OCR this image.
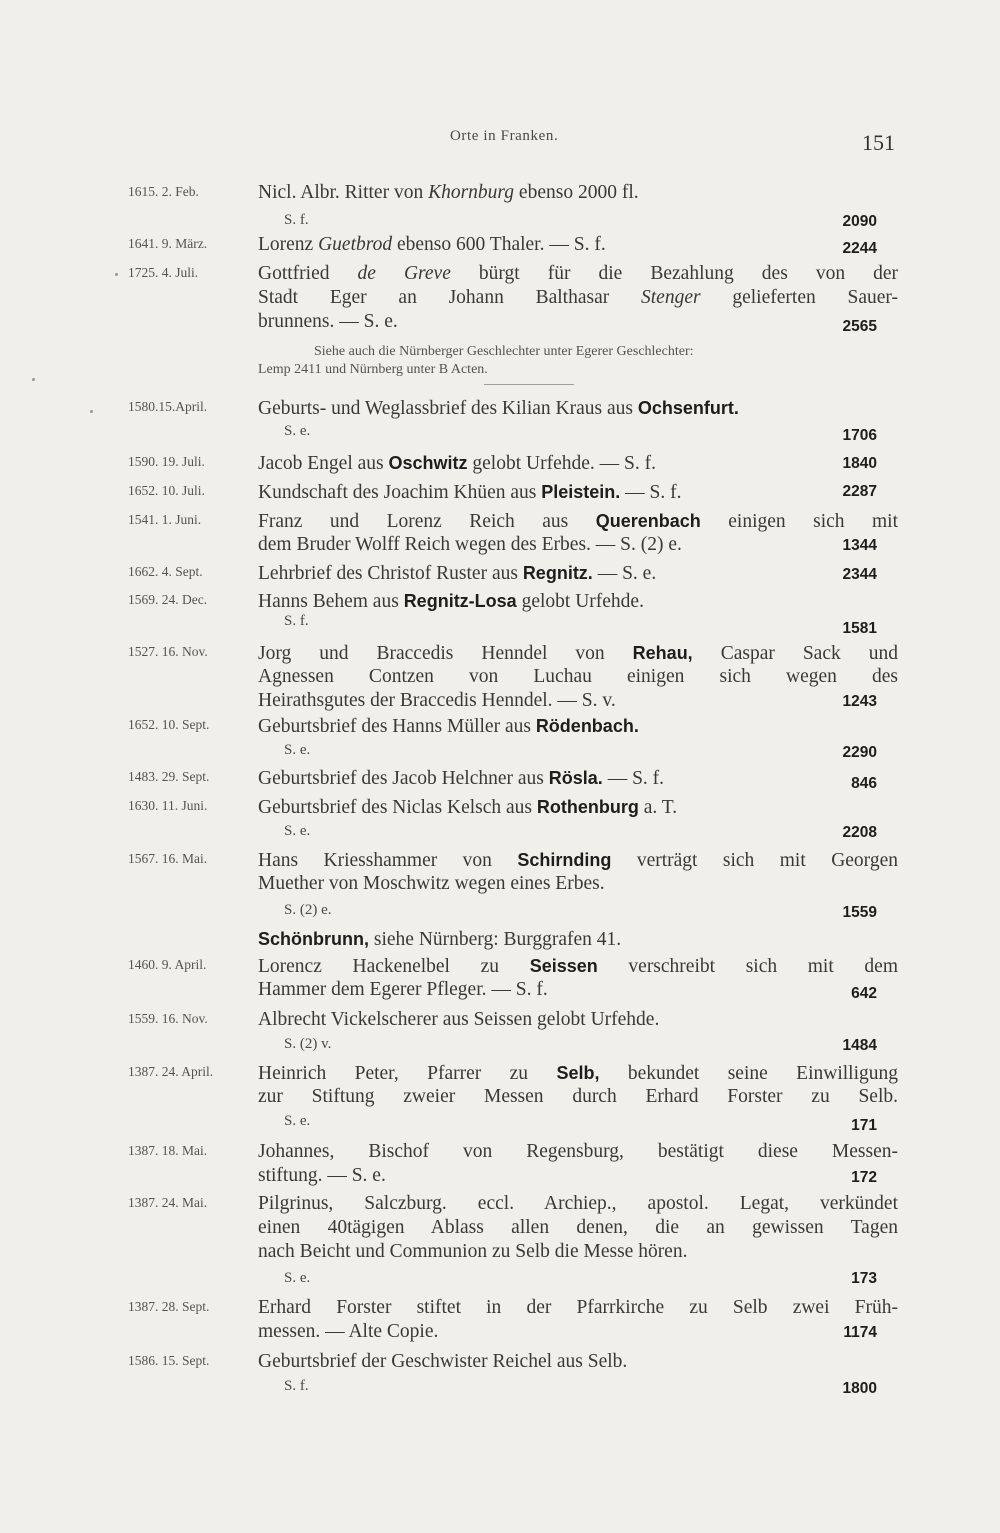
Orte in Franken.	151
1615. 2. Feb.	Nicl. Albr. Ritter von Khornburg ebenso 2000 fl.
S. f.	2090
1641. 9. März.	Lorenz Guetbrod ebenso 600 Thaler. — S. f.	2244
1725. 4. Juli.	Gottfried de Greve bürgt für die Bezahlung des von der
Stadt Eger an Johann Balthasar Stenger gelieferten Sauer-
brunnens. — S. e.	2565
Siehe auch die Nürnberger Geschlechter unter Egerer Geschlechter:
Lemp 2411 und Nürnberg unter B Acten.
1580.15.April.	Geburts- und Weglassbrief des Kilian Kraus aus Ochsenfurt.
S. e.	1706
1590. 19. Juli.	Jacob Engel aus Oschwitz gelobt Urfehde. — S. f.	1840
1652. 10. Juli.	Kundschaft des Joachim Khüen aus Pleistein. — S. f.	2287
1541. 1. Juni.	Franz und Lorenz Reich aus Querenbach einigen sich mit
dem Bruder Wolff Reich wegen des Erbes. — S. (2) e.	1344
1662. 4. Sept.	Lehrbrief des Christof Ruster aus Regnitz. — S. e.	2344
1569. 24. Dec.	Hanns Behem aus Regnitz-Losa gelobt Urfehde.
S. f.	1581
1527. 16. Nov.	Jorg und Braccedis Henndel von Rehau, Caspar Sack und
Agnessen Contzen von Luchau einigen sich wegen des
Heirathsgutes der Braccedis Henndel. — S. v.	1243
1652. 10. Sept.	Geburtsbrief des Hanns Müller aus Rödenbach.
S. e.	2290
1483. 29. Sept.	Geburtsbrief des Jacob Helchner aus Rösla. — S. f.	846
1630. 11. Juni.	Geburtsbrief des Niclas Kelsch aus Rothenburg a. T.
S. e.	2208
1567. 16. Mai.	Hans Kriesshammer von Schirnding verträgt sich mit Georgen
Muether von Moschwitz wegen eines Erbes.
S. (2) e.	1559
Schönbrunn, siehe Nürnberg: Burggrafen 41.
1460. 9. April.	Lorencz Hackenelbel zu Seissen verschreibt sich mit dem
Hammer dem Egerer Pfleger. — S. f.	642
1559. 16. Nov.	Albrecht Vickelscherer aus Seissen gelobt Urfehde.
S. (2) v.	1484
1387. 24. April.	Heinrich Peter, Pfarrer zu Selb, bekundet seine Einwilligung
zur Stiftung zweier Messen durch Erhard Forster zu Selb.
S. e.	171
1387. 18. Mai.	Johannes, Bischof von Regensburg, bestätigt diese Messen-
stiftung. — S. e.	172
1387. 24. Mai.	Pilgrinus, Salczburg. eccl. Archiep., apostol. Legat, verkündet
einen 40tägigen Ablass allen denen, die an gewissen Tagen
nach Beicht und Communion zu Selb die Messe hören.
S. e.	173
1387. 28. Sept.	Erhard Forster stiftet in der Pfarrkirche zu Selb zwei Früh-
messen. — Alte Copie.	1174
1586. 15. Sept.	Geburtsbrief der Geschwister Reichel aus Selb.
S. f.	1800
